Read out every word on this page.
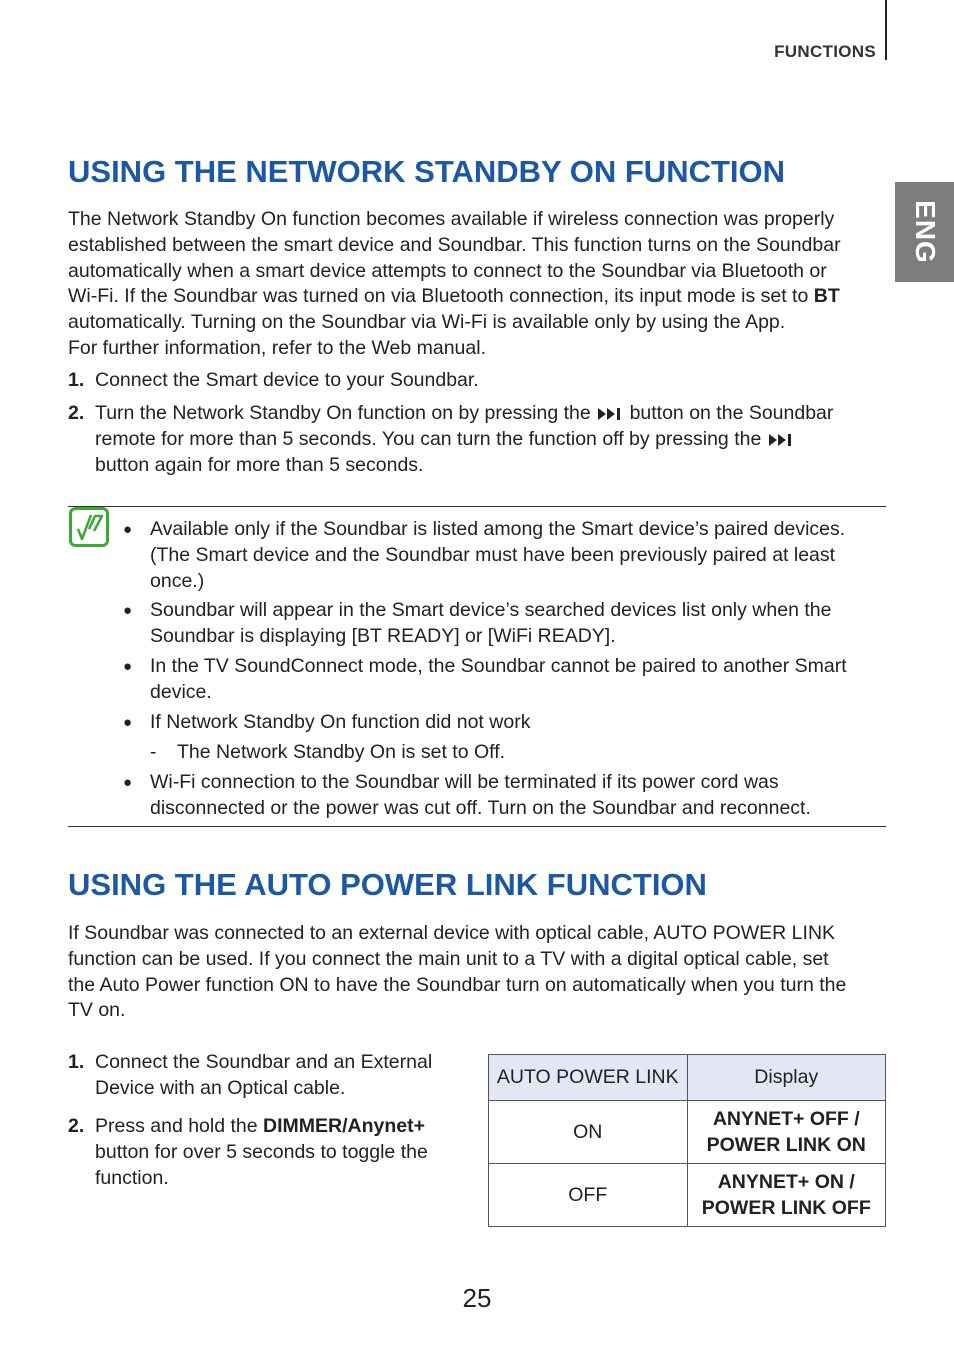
FUNCTIONS
ENG
USING THE NETWORK STANDBY ON FUNCTION
The Network Standby On function becomes available if wireless connection was properly
established between the smart device and Soundbar. This function turns on the Soundbar
automatically when a smart device attempts to connect to the Soundbar via Bluetooth or
Wi-Fi. If the Soundbar was turned on via Bluetooth connection, its input mode is set to BT
automatically. Turning on the Soundbar via Wi-Fi is available only by using the App.
For further information, refer to the Web manual.
1. Connect the Smart device to your Soundbar.
2. Turn the Network Standby On function on by pressing the button on the Soundbar
remote for more than 5 seconds. You can turn the function off by pressing the
button again for more than 5 seconds.
● Available only if the Soundbar is listed among the Smart device’s paired devices.
(The Smart device and the Soundbar must have been previously paired at least
once.)
● Soundbar will appear in the Smart device’s searched devices list only when the
Soundbar is displaying [BT READY] or [WiFi READY].
● In the TV SoundConnect mode, the Soundbar cannot be paired to another Smart
device.
● If Network Standby On function did not work
- The Network Standby On is set to Off.
● Wi-Fi connection to the Soundbar will be terminated if its power cord was
disconnected or the power was cut off. Turn on the Soundbar and reconnect.
USING THE AUTO POWER LINK FUNCTION
If Soundbar was connected to an external device with optical cable, AUTO POWER LINK
function can be used. If you connect the main unit to a TV with a digital optical cable, set
the Auto Power function ON to have the Soundbar turn on automatically when you turn the
TV on.
1. Connect the Soundbar and an External
Device with an Optical cable.
2. Press and hold the DIMMER/Anynet+
button for over 5 seconds to toggle the
function.
AUTO POWER LINK	Display
ON	ANYNET+ OFF /
POWER LINK ON

OFF	ANYNET+ ON /
POWER LINK OFF
25
